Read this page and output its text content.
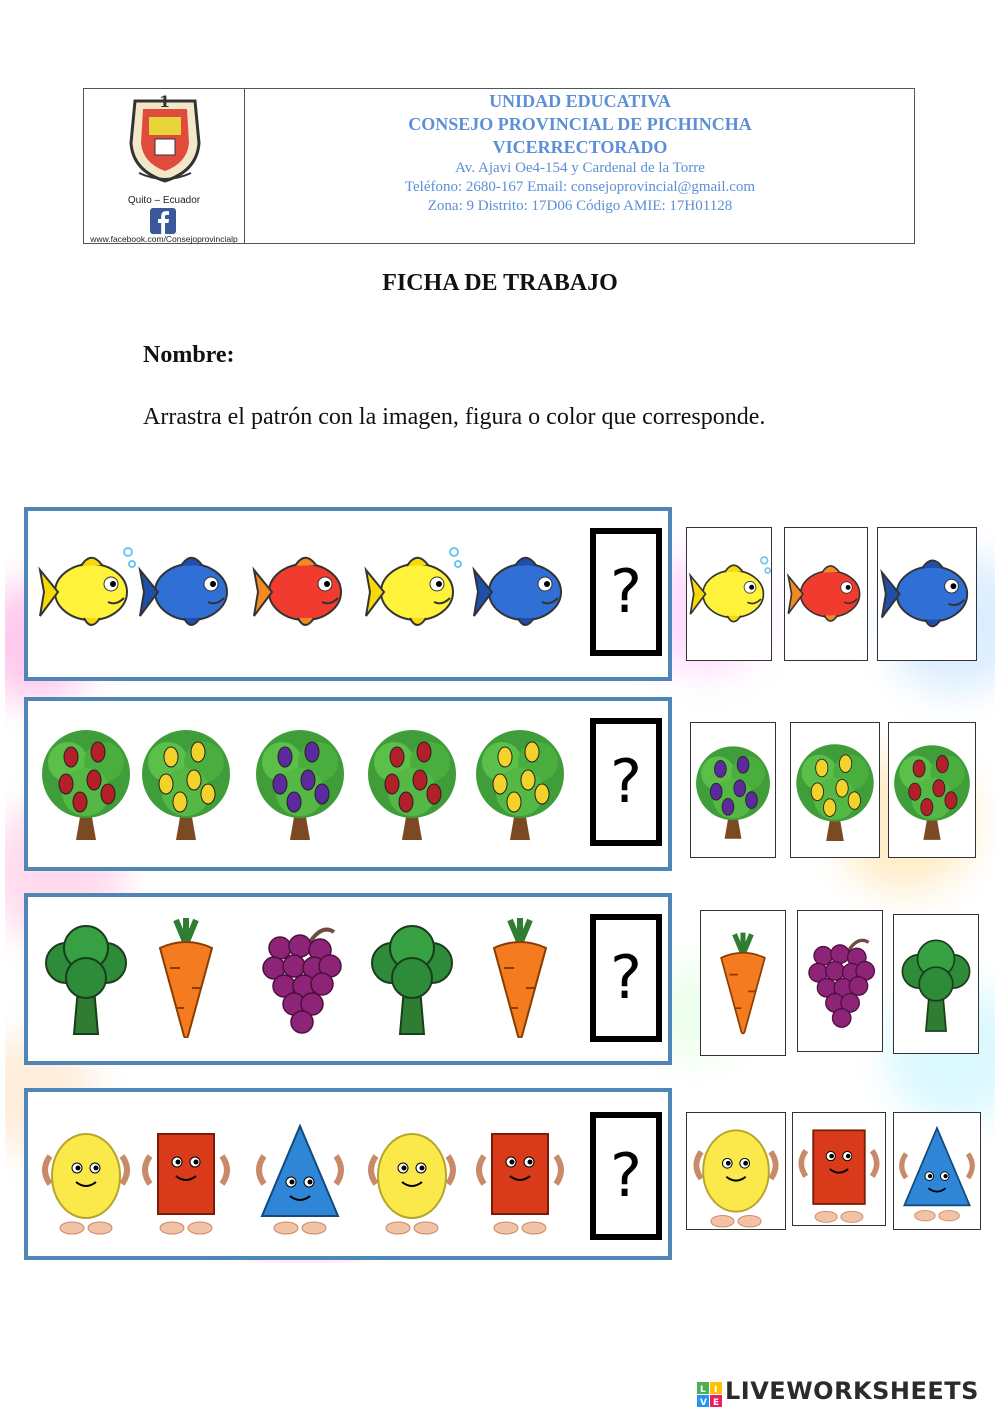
1
Quito – Ecuador
www.facebook.com/Consejoprovincialp
UNIDAD EDUCATIVA
CONSEJO PROVINCIAL DE PICHINCHA
VICERRECTORADO
Av. Ajavi Oe4-154 y Cardenal de la Torre
Teléfono: 2680-167 Email: consejoprovincial@gmail.com
Zona: 9 Distrito: 17D06 Código AMIE: 17H01128
FICHA DE TRABAJO
Nombre:
Arrastra el patrón con la imagen, figura o color que corresponde.
?
?
?
?
L I
V E LIVEWORKSHEETS
